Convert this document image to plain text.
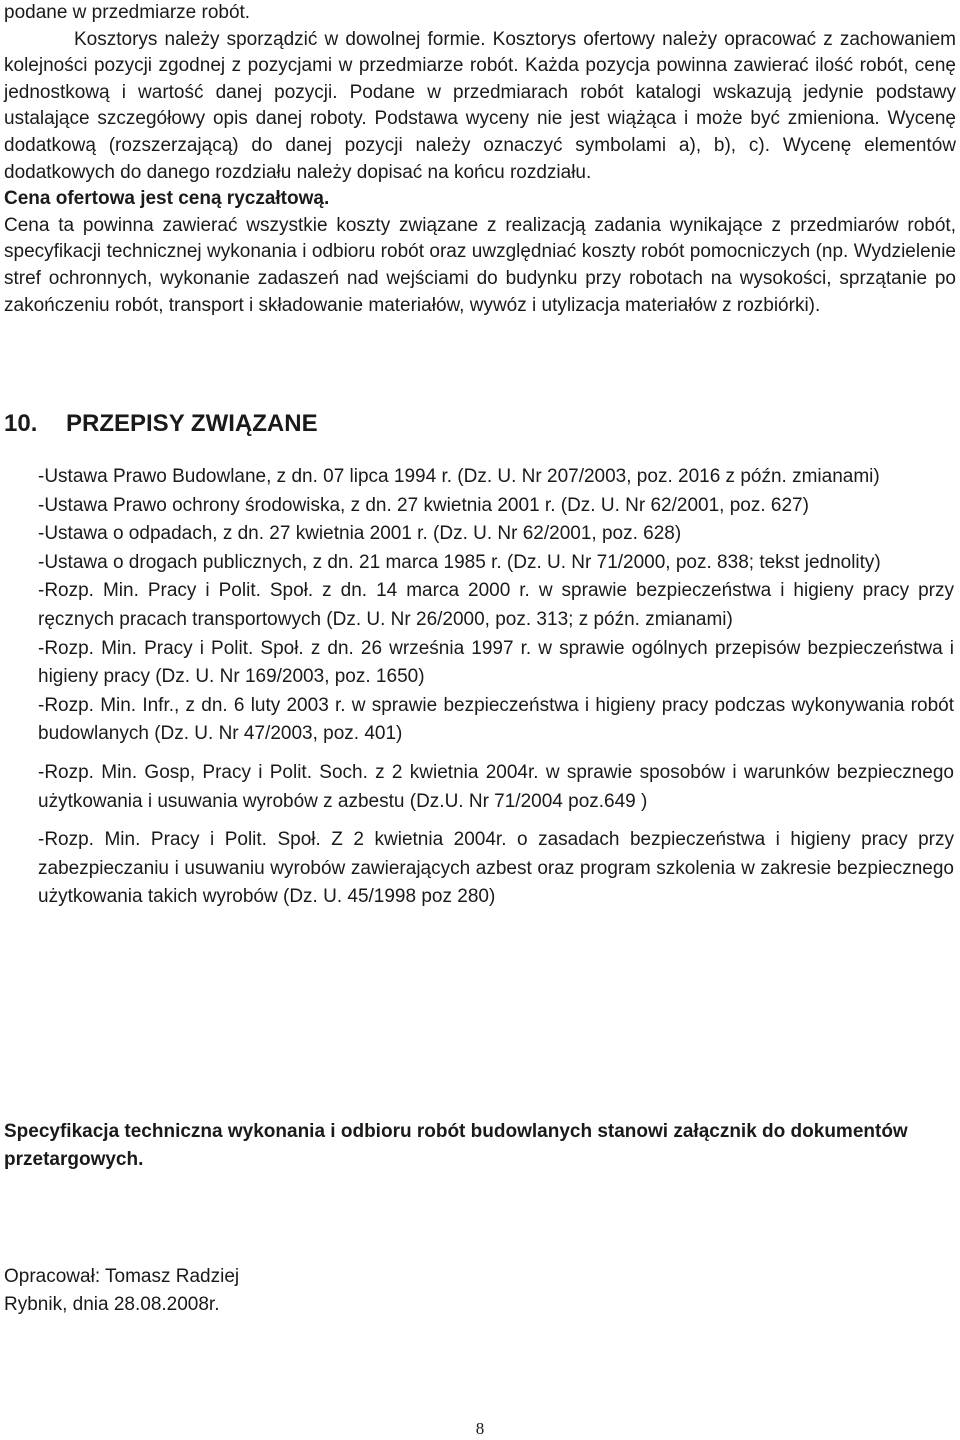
podane w przedmiarze robót.
Kosztorys należy sporządzić w dowolnej formie. Kosztorys ofertowy należy opracować z zachowaniem kolejności pozycji zgodnej z pozycjami w przedmiarze robót. Każda pozycja powinna zawierać ilość robót, cenę jednostkową i wartość danej pozycji. Podane w przedmiarach robót katalogi wskazują jedynie podstawy ustalające szczegółowy opis danej roboty. Podstawa wyceny nie jest wiążąca i może być zmieniona. Wycenę dodatkową (rozszerzającą) do danej pozycji należy oznaczyć symbolami a), b), c). Wycenę elementów dodatkowych do danego rozdziału należy dopisać na końcu rozdziału.
Cena ofertowa jest ceną ryczałtową.
Cena ta powinna zawierać wszystkie koszty związane z realizacją zadania wynikające z przedmiarów robót, specyfikacji technicznej wykonania i odbioru robót oraz uwzględniać koszty robót pomocniczych (np. Wydzielenie stref ochronnych, wykonanie zadaszeń nad wejściami do budynku przy robotach na wysokości, sprzątanie po zakończeniu robót, transport i składowanie materiałów, wywóz i utylizacja materiałów z rozbiórki).

10. PRZEPISY ZWIĄZANE
-Ustawa Prawo Budowlane, z dn. 07 lipca 1994 r. (Dz. U. Nr 207/2003, poz. 2016 z późn. zmianami)
-Ustawa Prawo ochrony środowiska, z dn. 27 kwietnia 2001 r. (Dz. U. Nr 62/2001, poz. 627)
-Ustawa o odpadach, z dn. 27 kwietnia 2001 r. (Dz. U. Nr 62/2001, poz. 628)
-Ustawa o drogach publicznych, z dn. 21 marca 1985 r. (Dz. U. Nr 71/2000, poz. 838; tekst jednolity)
-Rozp. Min. Pracy i Polit. Społ. z dn. 14 marca 2000 r. w sprawie bezpieczeństwa i higieny pracy przy ręcznych pracach transportowych (Dz. U. Nr 26/2000, poz. 313; z późn. zmianami)
-Rozp. Min. Pracy i Polit. Społ. z dn. 26 września 1997 r. w sprawie ogólnych przepisów bezpieczeństwa i higieny pracy (Dz. U. Nr 169/2003, poz. 1650)
-Rozp. Min. Infr., z dn. 6 luty 2003 r. w sprawie bezpieczeństwa i higieny pracy podczas wykonywania robót budowlanych (Dz. U. Nr 47/2003, poz. 401)
-Rozp. Min. Gosp, Pracy i Polit. Soch. z 2 kwietnia 2004r. w sprawie sposobów i warunków bezpiecznego użytkowania i usuwania wyrobów z azbestu (Dz.U. Nr 71/2004 poz.649 )
-Rozp. Min. Pracy i Polit. Społ. Z 2 kwietnia 2004r. o zasadach bezpieczeństwa i higieny pracy przy zabezpieczaniu i usuwaniu wyrobów zawierających azbest oraz program szkolenia w zakresie bezpiecznego użytkowania takich wyrobów (Dz. U. 45/1998 poz 280)

Specyfikacja techniczna wykonania i odbioru robót budowlanych stanowi załącznik do dokumentów przetargowych.

Opracował: Tomasz Radziej

Rybnik, dnia 28.08.2008r.

8
